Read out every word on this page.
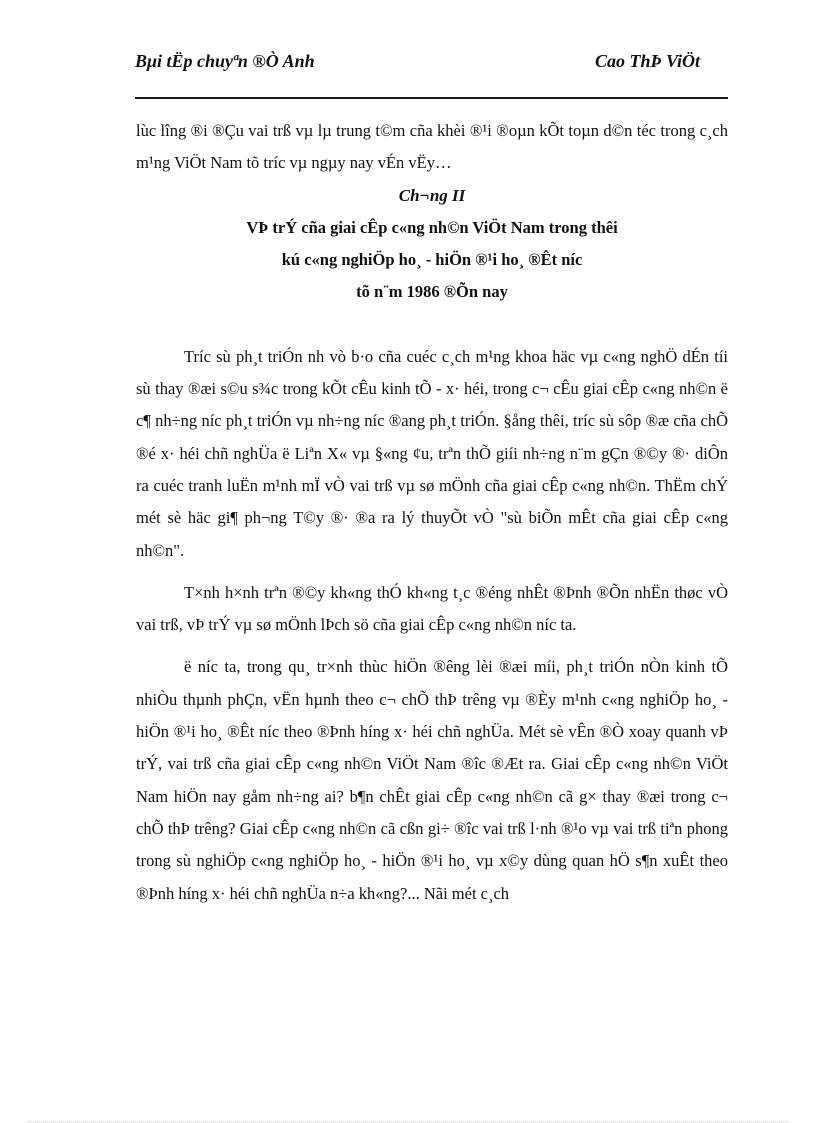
Bμi tËp chuyªn ®Ò Anh	Cao ThÞ ViÖt

lùc lîng ®i ®Çu vai trß vµ lµ trung t©m cña khèi ®¹i ®oµn kÕt toµn d©n téc trong c¸ch m¹ng ViÖt Nam tõ tríc vµ ngµy nay vÉn vËy…

Ch¬ng II

VÞ trÝ cña giai cÊp c«ng nh©n ViÖt Nam trong thêi

kú c«ng nghiÖp ho¸ - hiÖn ®¹i ho¸ ®Êt níc

tõ n¨m 1986 ®Õn nay

Tríc sù ph¸t triÓn nh vò b·o cña cuéc c¸ch m¹ng khoa häc vµ c«ng nghÖ dÉn tíi sù thay ®æi s©u s¾c trong kÕt cÊu kinh tÕ - x· héi, trong c¬ cÊu giai cÊp c«ng nh©n ë c¶ nh÷ng níc ph¸t triÓn vµ nh÷ng níc ®ang ph¸t triÓn. §ång thêi, tríc sù sôp ®æ cña chÕ ®é x· héi chñ nghÜa ë Liªn X« vµ §«ng ¢u, trªn thÕ giíi nh÷ng n¨m gÇn ®©y ®· diÔn ra cuéc tranh luËn m¹nh mÏ vÒ vai trß vµ sø mÖnh cña giai cÊp c«ng nh©n. ThËm chÝ mét sè häc gi¶ ph¬ng T©y ®· ®a ra lý thuyÕt vÒ "sù biÕn mÊt cña giai cÊp c«ng nh©n".

T×nh h×nh trªn ®©y kh«ng thÓ kh«ng t¸c ®éng nhÊt ®Þnh ®Õn nhËn thøc vÒ vai trß, vÞ trÝ vµ sø mÖnh lÞch sö cña giai cÊp c«ng nh©n níc ta.

ë níc ta, trong qu¸ tr×nh thùc hiÖn ®êng lèi ®æi míi, ph¸t triÓn nÒn kinh tÕ nhiÒu thµnh phÇn, vËn hµnh theo c¬ chÕ thÞ trêng vµ ®Èy m¹nh c«ng nghiÖp ho¸ - hiÖn ®¹i ho¸ ®Êt níc theo ®Þnh híng x· héi chñ nghÜa. Mét sè vÊn ®Ò xoay quanh vÞ trÝ, vai trß cña giai cÊp c«ng nh©n ViÖt Nam ®îc ®Æt ra. Giai cÊp c«ng nh©n ViÖt Nam hiÖn nay gåm nh÷ng ai? b¶n chÊt giai cÊp c«ng nh©n cã g× thay ®æi trong c¬ chÕ thÞ trêng? Giai cÊp c«ng nh©n cã cßn gi÷ ®îc vai trß l·nh ®¹o vµ vai trß tiªn phong trong sù nghiÖp c«ng nghiÖp ho¸ - hiÖn ®¹i ho¸ vµ x©y dùng quan hÖ s¶n xuÊt theo ®Þnh híng x· héi chñ nghÜa n÷a kh«ng?... Nãi mét c¸ch
